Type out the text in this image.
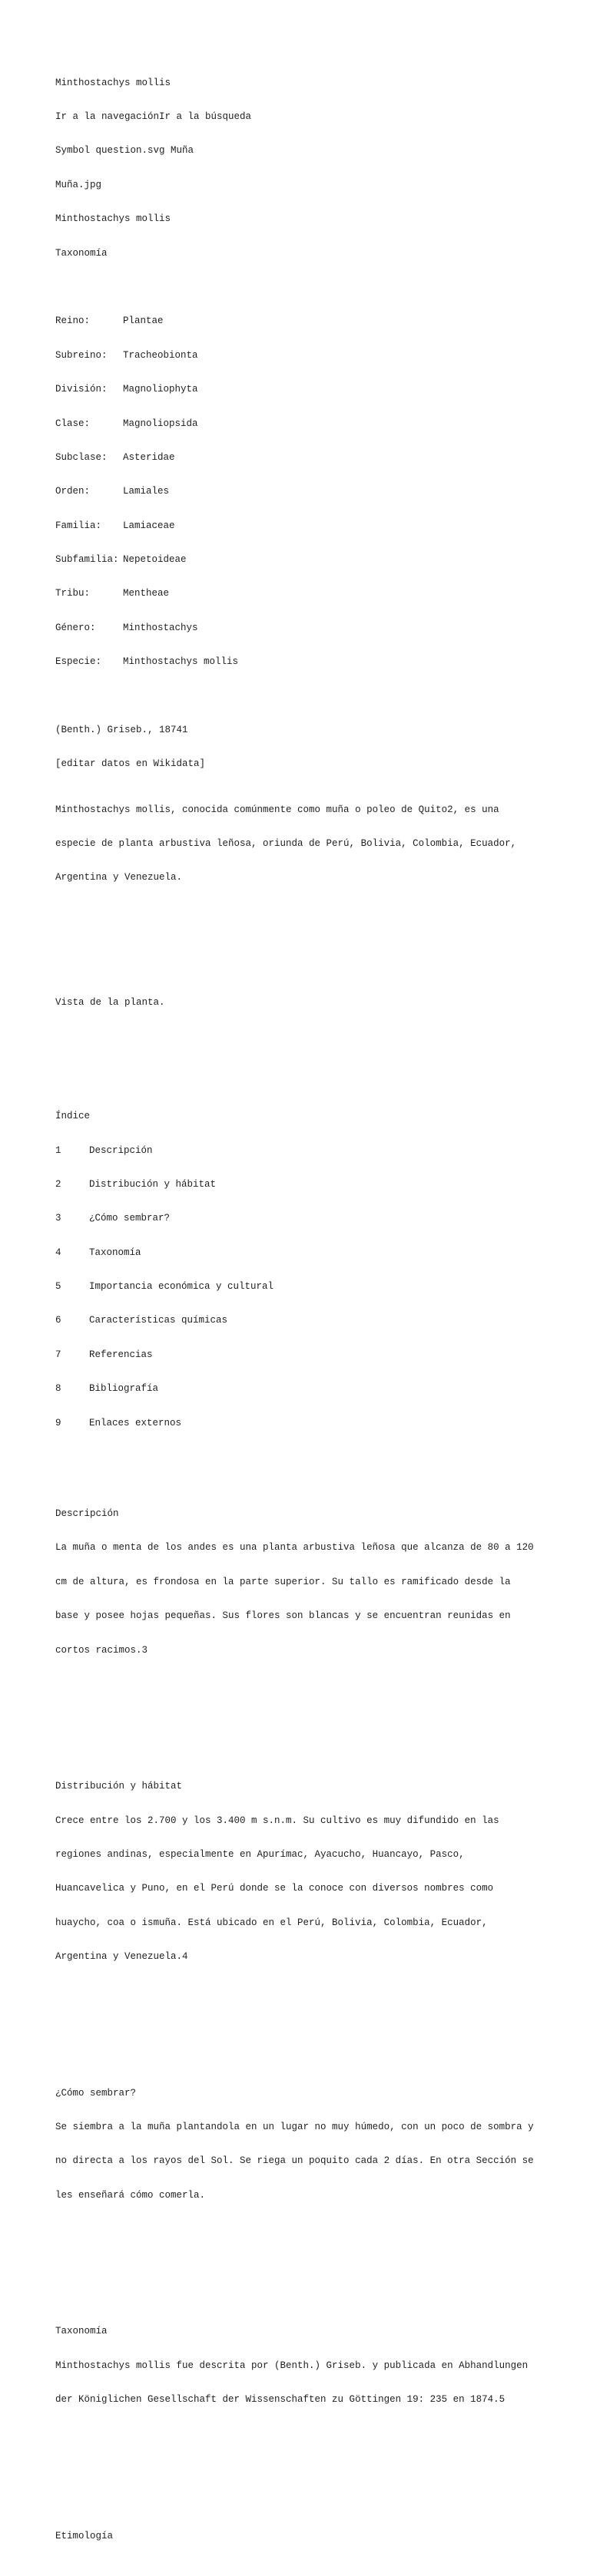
Minthostachys mollis

Ir a la navegaciónIr a la búsqueda

Symbol question.svg Muña

Muña.jpg

Minthostachys mollis

Taxonomía

Reino:	Plantae

Subreino: Tracheobionta

División: Magnoliophyta

Clase:	Magnoliopsida

Subclase: Asteridae

Orden:	Lamiales

Familia: Lamiaceae

Subfamilia: Nepetoideae

Tribu:	Mentheae

Género:	Minthostachys

Especie: Minthostachys mollis

(Benth.) Griseb., 18741

[editar datos en Wikidata]

Minthostachys mollis, conocida comúnmente como muña o poleo de Quito2, es una

especie de planta arbustiva leñosa, oriunda de Perú, Bolivia, Colombia, Ecuador,

Argentina y Venezuela.

Vista de la planta.

Índice

1	Descripción

2	Distribución y hábitat

3	¿Cómo sembrar?

4	Taxonomía

5	Importancia económica y cultural

6	Características químicas

7	Referencias

8	Bibliografía

9	Enlaces externos

Descripción

La muña o menta de los andes es una planta arbustiva leñosa que alcanza de 80 a 120

cm de altura, es frondosa en la parte superior. Su tallo es ramificado desde la

base y posee hojas pequeñas. Sus flores son blancas y se encuentran reunidas en

cortos racimos.3

Distribución y hábitat

Crece entre los 2.700 y los 3.400 m s.n.m. Su cultivo es muy difundido en las

regiones andinas, especialmente en Apurímac, Ayacucho, Huancayo, Pasco,

Huancavelica y Puno, en el Perú donde se la conoce con diversos nombres como

huaycho, coa o ismuña. Está ubicado en el Perú, Bolivia, Colombia, Ecuador,

Argentina y Venezuela.4

¿Cómo sembrar?

Se siembra a la muña plantandola en un lugar no muy húmedo, con un poco de sombra y

no directa a los rayos del Sol. Se riega un poquito cada 2 días. En otra Sección se

les enseñará cómo comerla.

Taxonomía

Minthostachys mollis fue descrita por (Benth.) Griseb. y publicada en Abhandlungen

der Königlichen Gesellschaft der Wissenschaften zu Göttingen 19: 235 en 1874.5

Etimología
